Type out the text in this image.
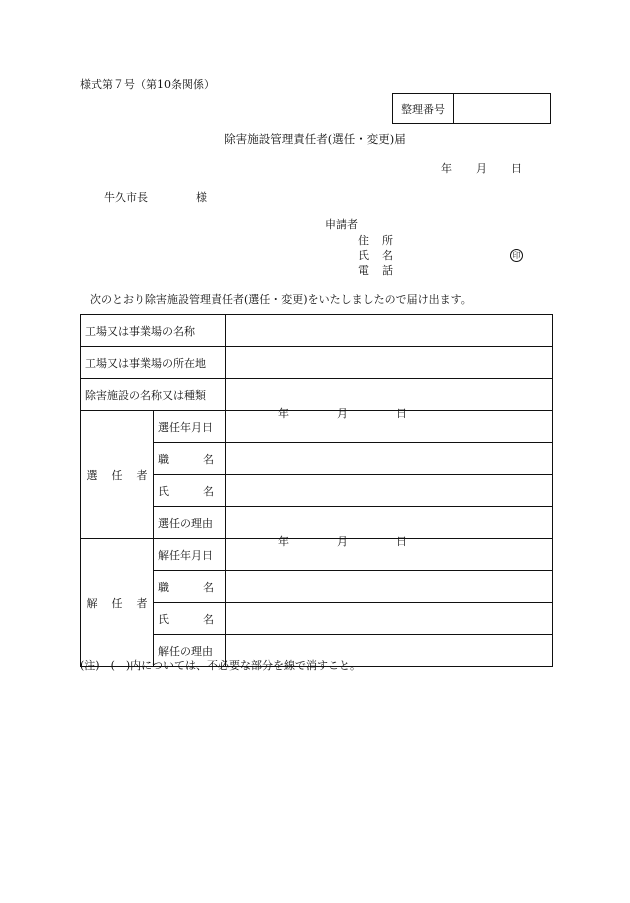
様式第７号（第10条関係）
整理番号
除害施設管理責任者(選任・変更)届
年 月 日
牛久市長	様
申請者
住 所
氏 名	印
電 話
次のとおり除害施設管理責任者(選任・変更)をいたしましたので届け出ます。
工場又は事業場の名称		
工場又は事業場の所在地		
除害施設の名称又は種類		
選 任 者	選任年月日	年 月 日

	職 名	
	氏 名	
	選任の理由	
解 任 者	解任年月日	年 月 日

	職 名	
	氏 名	
	解任の理由	
(注)　(　)内については、不必要な部分を線で消すこと。
